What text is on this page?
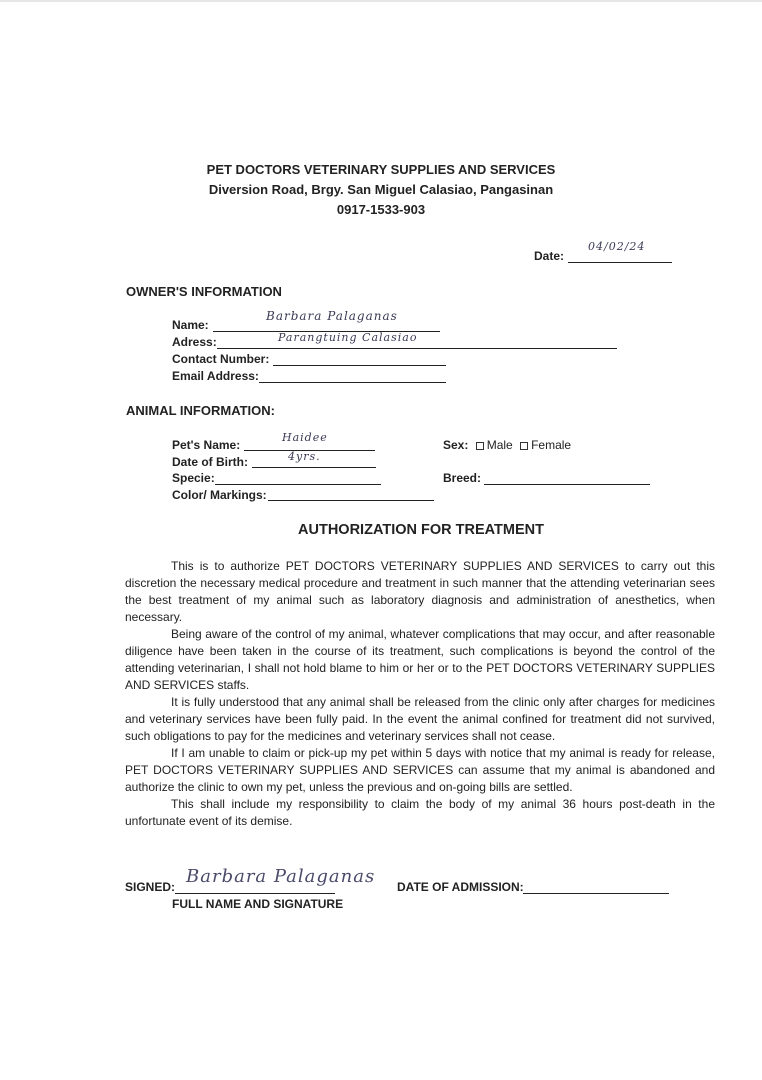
PET DOCTORS VETERINARY SUPPLIES AND SERVICES
Diversion Road, Brgy. San Miguel Calasiao, Pangasinan
0917-1533-903
Date:
04/02/24
OWNER'S INFORMATION
Name:
Barbara Palaganas
Adress:	Parangtuing Calasiao
Contact Number:
Email Address:
ANIMAL INFORMATION:
Pet's Name:
Haidee
Date of Birth:	4yrs.
Specie:
Color/ Markings:
Sex: Male Female
Breed:
AUTHORIZATION FOR TREATMENT

This is to authorize PET DOCTORS VETERINARY SUPPLIES AND SERVICES to carry out this discretion the necessary medical procedure and treatment in such manner that the attending veterinarian sees the best treatment of my animal such as laboratory diagnosis and administration of anesthetics, when necessary.

Being aware of the control of my animal, whatever complications that may occur, and after reasonable diligence have been taken in the course of its treatment, such complications is beyond the control of the attending veterinarian, I shall not hold blame to him or her or to the PET DOCTORS VETERINARY SUPPLIES AND SERVICES staffs.

It is fully understood that any animal shall be released from the clinic only after charges for medicines and veterinary services have been fully paid. In the event the animal confined for treatment did not survived, such obligations to pay for the medicines and veterinary services shall not cease.

If I am unable to claim or pick-up my pet within 5 days with notice that my animal is ready for release, PET DOCTORS VETERINARY SUPPLIES AND SERVICES can assume that my animal is abandoned and authorize the clinic to own my pet, unless the previous and on-going bills are settled.

This shall include my responsibility to claim the body of my animal 36 hours post-death in the unfortunate event of its demise.

SIGNED: Barbara Palaganas
FULL NAME AND SIGNATURE
DATE OF ADMISSION:
